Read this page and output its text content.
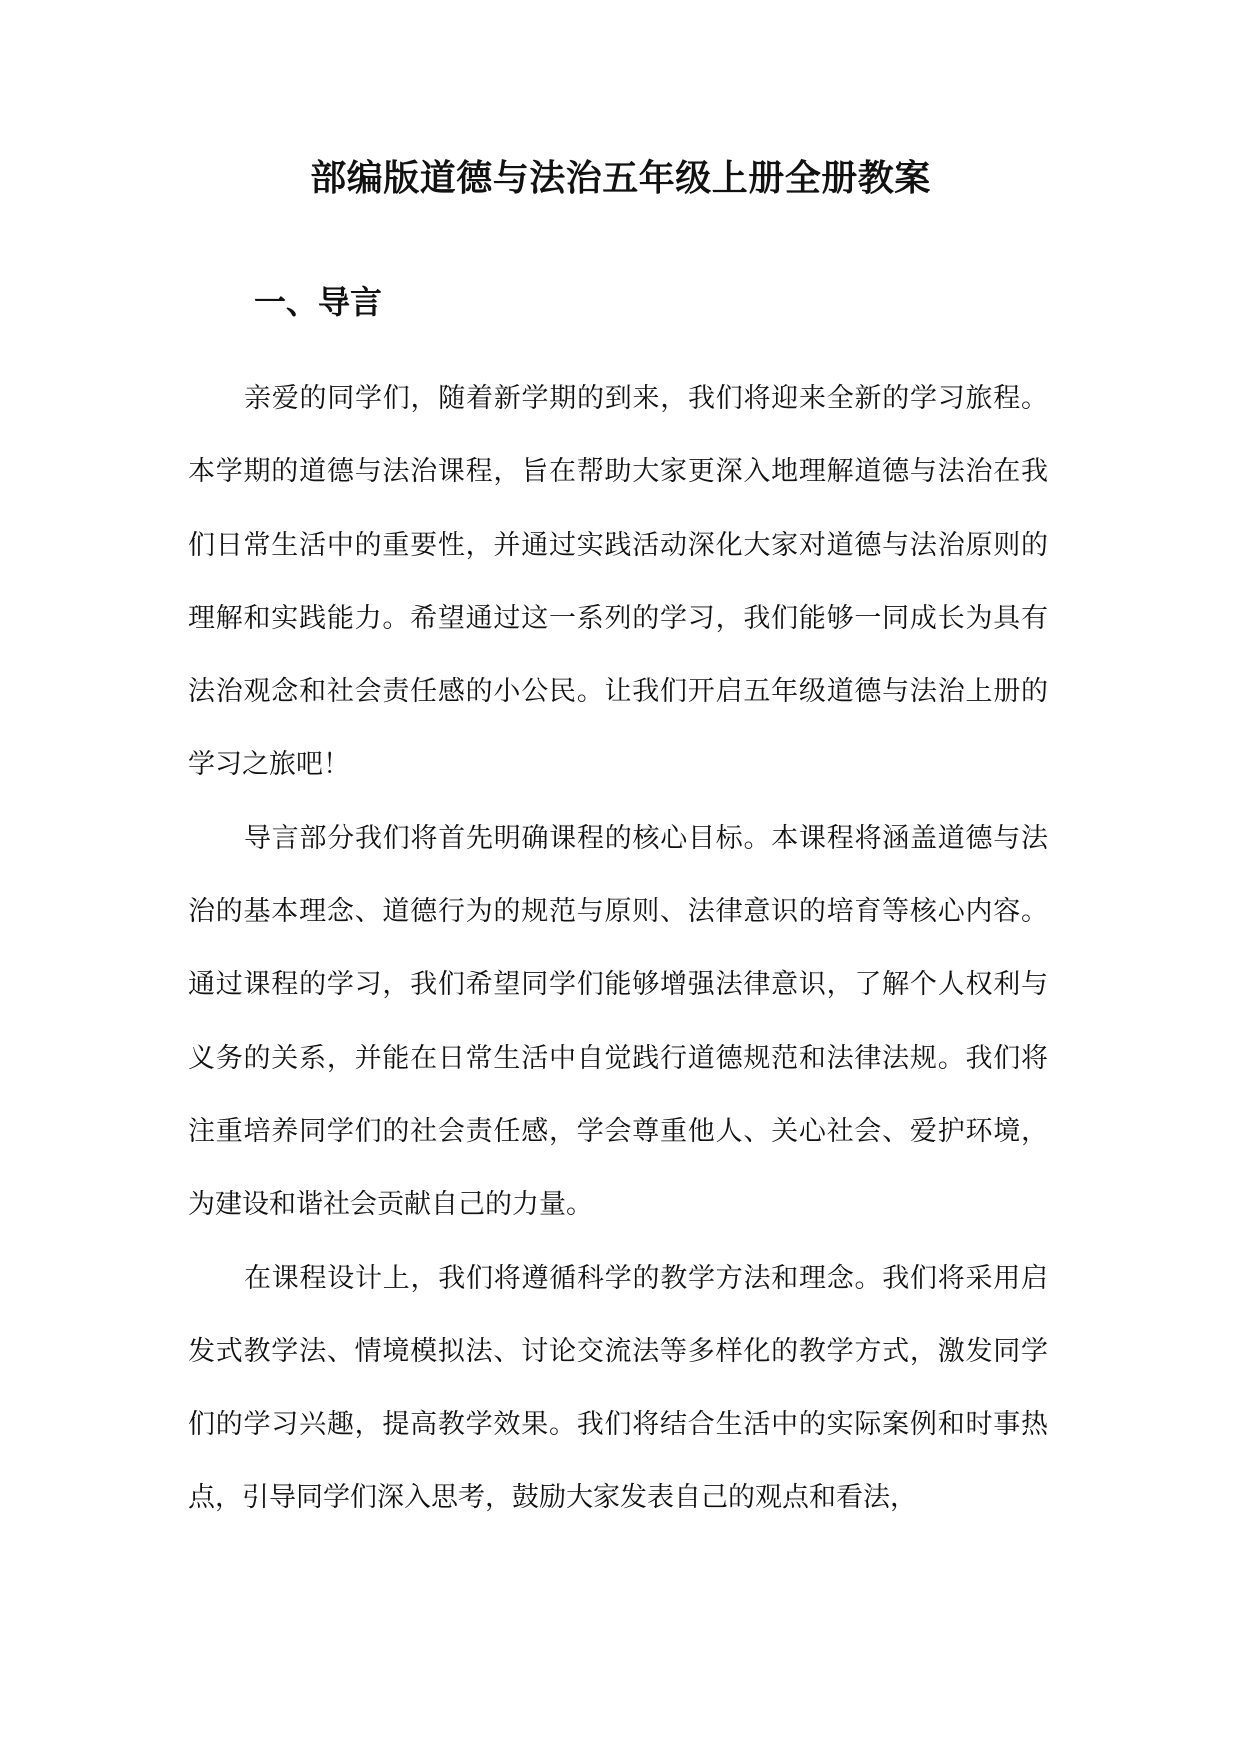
部编版道德与法治五年级上册全册教案
一、导言

亲爱的同学们，随着新学期的到来，我们将迎来全新的学习旅程。本学期的道德与法治课程，旨在帮助大家更深入地理解道德与法治在我们日常生活中的重要性，并通过实践活动深化大家对道德与法治原则的理解和实践能力。希望通过这一系列的学习，我们能够一同成长为具有法治观念和社会责任感的小公民。让我们开启五年级道德与法治上册的学习之旅吧！

导言部分我们将首先明确课程的核心目标。本课程将涵盖道德与法治的基本理念、道德行为的规范与原则、法律意识的培育等核心内容。通过课程的学习，我们希望同学们能够增强法律意识，了解个人权利与义务的关系，并能在日常生活中自觉践行道德规范和法律法规。我们将注重培养同学们的社会责任感，学会尊重他人、关心社会、爱护环境，为建设和谐社会贡献自己的力量。

在课程设计上，我们将遵循科学的教学方法和理念。我们将采用启发式教学法、情境模拟法、讨论交流法等多样化的教学方式，激发同学们的学习兴趣，提高教学效果。我们将结合生活中的实际案例和时事热点，引导同学们深入思考，鼓励大家发表自己的观点和看法，
